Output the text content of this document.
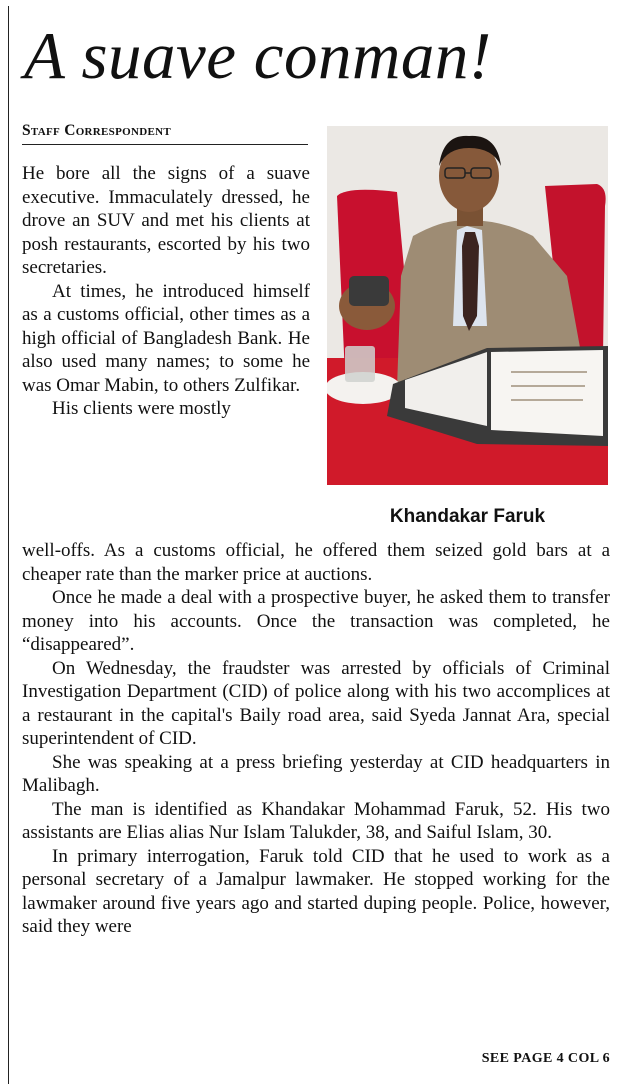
A suave conman!
Staff Correspondent
Khandakar Faruk

He bore all the signs of a suave executive. Immaculately dressed, he drove an SUV and met his clients at posh restaurants, escorted by his two secretaries.

At times, he introduced himself as a customs official, other times as a high official of Bangladesh Bank. He also used many names; to some he was Omar Mabin, to others Zulfikar.

His clients were mostly

well-offs. As a customs official, he offered them seized gold bars at a cheaper rate than the marker price at auctions.

Once he made a deal with a prospective buyer, he asked them to transfer money into his accounts. Once the transaction was completed, he “disappeared”.

On Wednesday, the fraudster was arrested by officials of Criminal Investigation Department (CID) of police along with his two accomplices at a restaurant in the capital's Baily road area, said Syeda Jannat Ara, special superintendent of CID.

She was speaking at a press briefing yesterday at CID headquarters in Malibagh.

The man is identified as Khandakar Mohammad Faruk, 52. His two assistants are Elias alias Nur Islam Talukder, 38, and Saiful Islam, 30.

In primary interrogation, Faruk told CID that he used to work as a personal secretary of a Jamalpur lawmaker. He stopped working for the lawmaker around five years ago and started duping people. Police, however, said they were

SEE PAGE 4 COL 6
